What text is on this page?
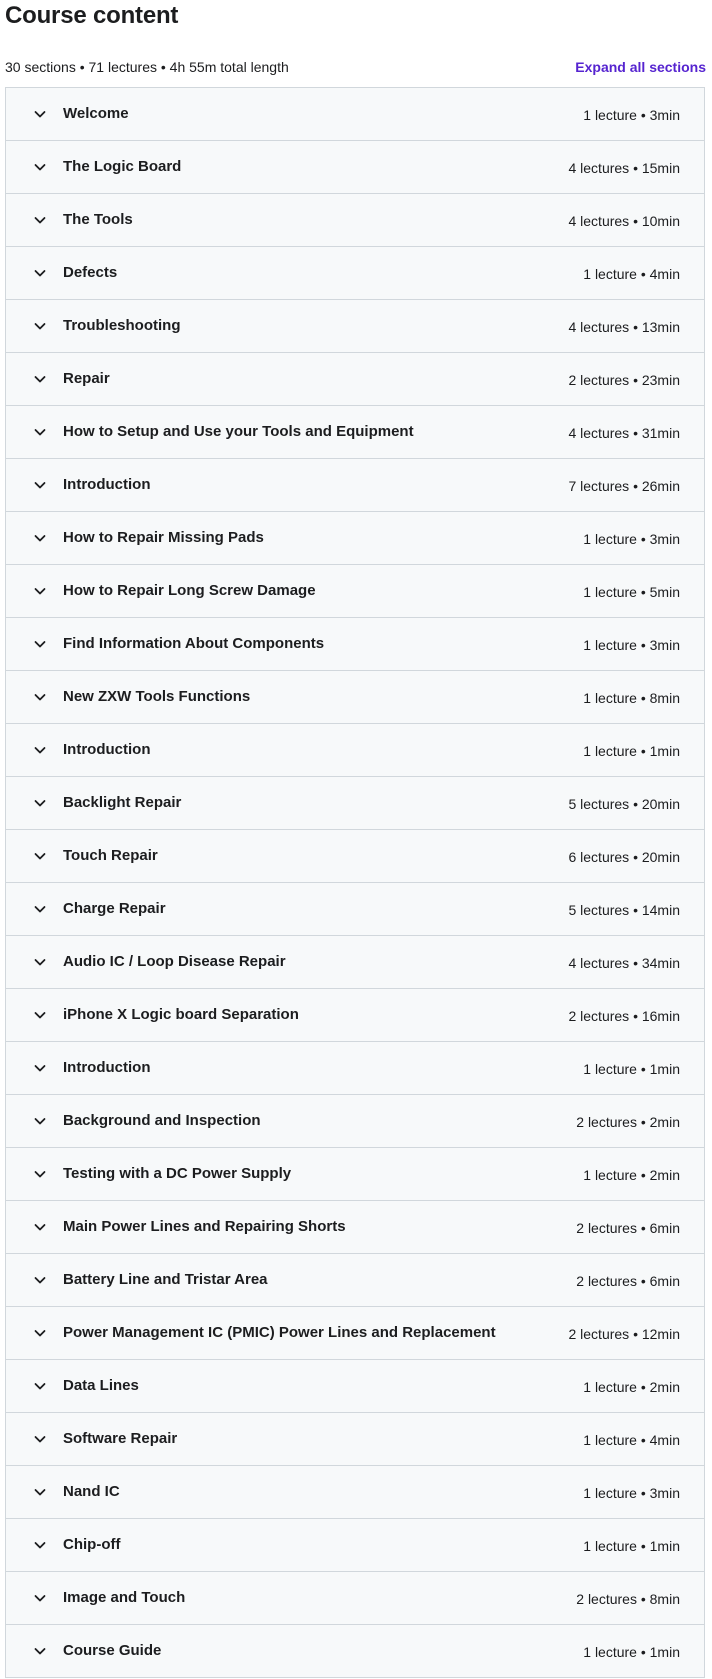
Course content
30 sections • 71 lectures • 4h 55m total length	Expand all sections
Welcome	1 lecture • 3min
The Logic Board	4 lectures • 15min
The Tools	4 lectures • 10min
Defects	1 lecture • 4min
Troubleshooting	4 lectures • 13min
Repair	2 lectures • 23min
How to Setup and Use your Tools and Equipment	4 lectures • 31min
Introduction	7 lectures • 26min
How to Repair Missing Pads	1 lecture • 3min
How to Repair Long Screw Damage	1 lecture • 5min
Find Information About Components	1 lecture • 3min
New ZXW Tools Functions	1 lecture • 8min
Introduction	1 lecture • 1min
Backlight Repair	5 lectures • 20min
Touch Repair	6 lectures • 20min
Charge Repair	5 lectures • 14min
Audio IC / Loop Disease Repair	4 lectures • 34min
iPhone X Logic board Separation	2 lectures • 16min
Introduction	1 lecture • 1min
Background and Inspection	2 lectures • 2min
Testing with a DC Power Supply	1 lecture • 2min
Main Power Lines and Repairing Shorts	2 lectures • 6min
Battery Line and Tristar Area	2 lectures • 6min
Power Management IC (PMIC) Power Lines and Replacement	2 lectures • 12min
Data Lines	1 lecture • 2min
Software Repair	1 lecture • 4min
Nand IC	1 lecture • 3min
Chip-off	1 lecture • 1min
Image and Touch	2 lectures • 8min
Course Guide	1 lecture • 1min
